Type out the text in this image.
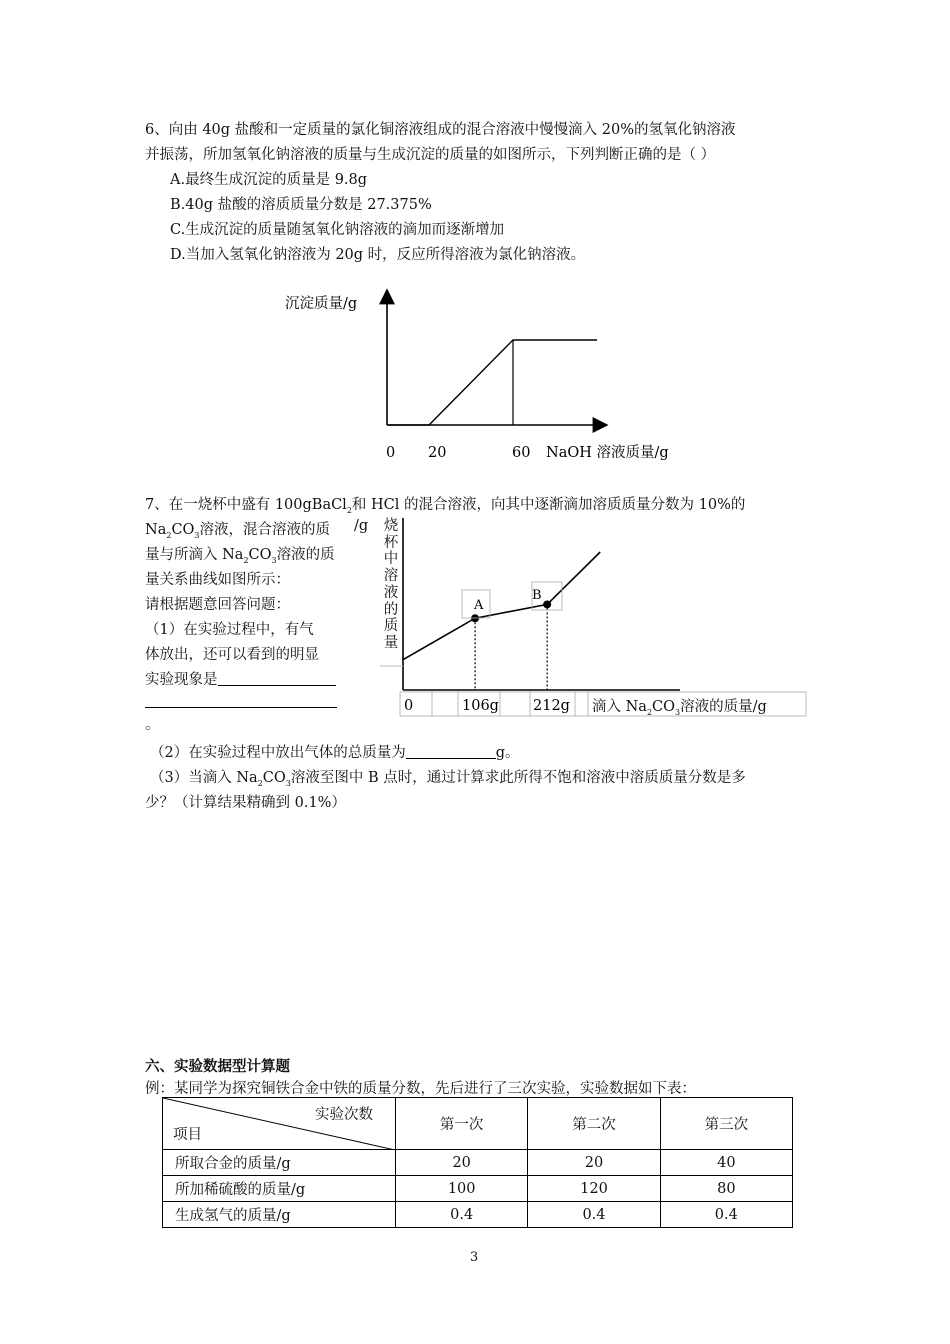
6、向由 40g 盐酸和一定质量的氯化铜溶液组成的混合溶液中慢慢滴入 20%的氢氧化钠溶液
并振荡，所加氢氧化钠溶液的质量与生成沉淀的质量的如图所示，下列判断正确的是（ ）
A.最终生成沉淀的质量是 9.8g
B.40g 盐酸的溶质质量分数是 27.375%
C.生成沉淀的质量随氢氧化钠溶液的滴加而逐渐增加
D.当加入氢氧化钠溶液为 20g 时，反应所得溶液为氯化钠溶液。
沉淀质量/g
0 20	60 NaOH 溶液质量/g
7、在一烧杯中盛有 100gBaCl$_2$和 HCl 的混合溶液，向其中逐渐滴加溶质质量分数为 10%的
$Na_2CO_3$溶液，混合溶液的质 /g
量与所滴入 $Na_2CO_3$溶液的质
量关系曲线如图所示：
请根据题意回答问题：
（1）在实验过程中，有气
体放出，还可以看到的明显
实验现象是
。
烧
杯
中
溶
液
的
质
量
A
B
0	106g 212g 滴入 $Na_2CO_3$溶液的质量/g
（2）在实验过程中放出气体的总质量为	g。
（3）当滴入 $Na_2CO_3$溶液至图中 B 点时，通过计算求此所得不饱和溶液中溶质质量分数是多
少？（计算结果精确到 0.1%）
六、实验数据型计算题
例：某同学为探究铜铁合金中铁的质量分数，先后进行了三次实验，实验数据如下表：
实验次数
项目	第一次	第二次	第三次
所取合金的质量/g	20	20	40
所加稀硫酸的质量/g	100	120	80
生成氢气的质量/g	0.4	0.4	0.4
3
